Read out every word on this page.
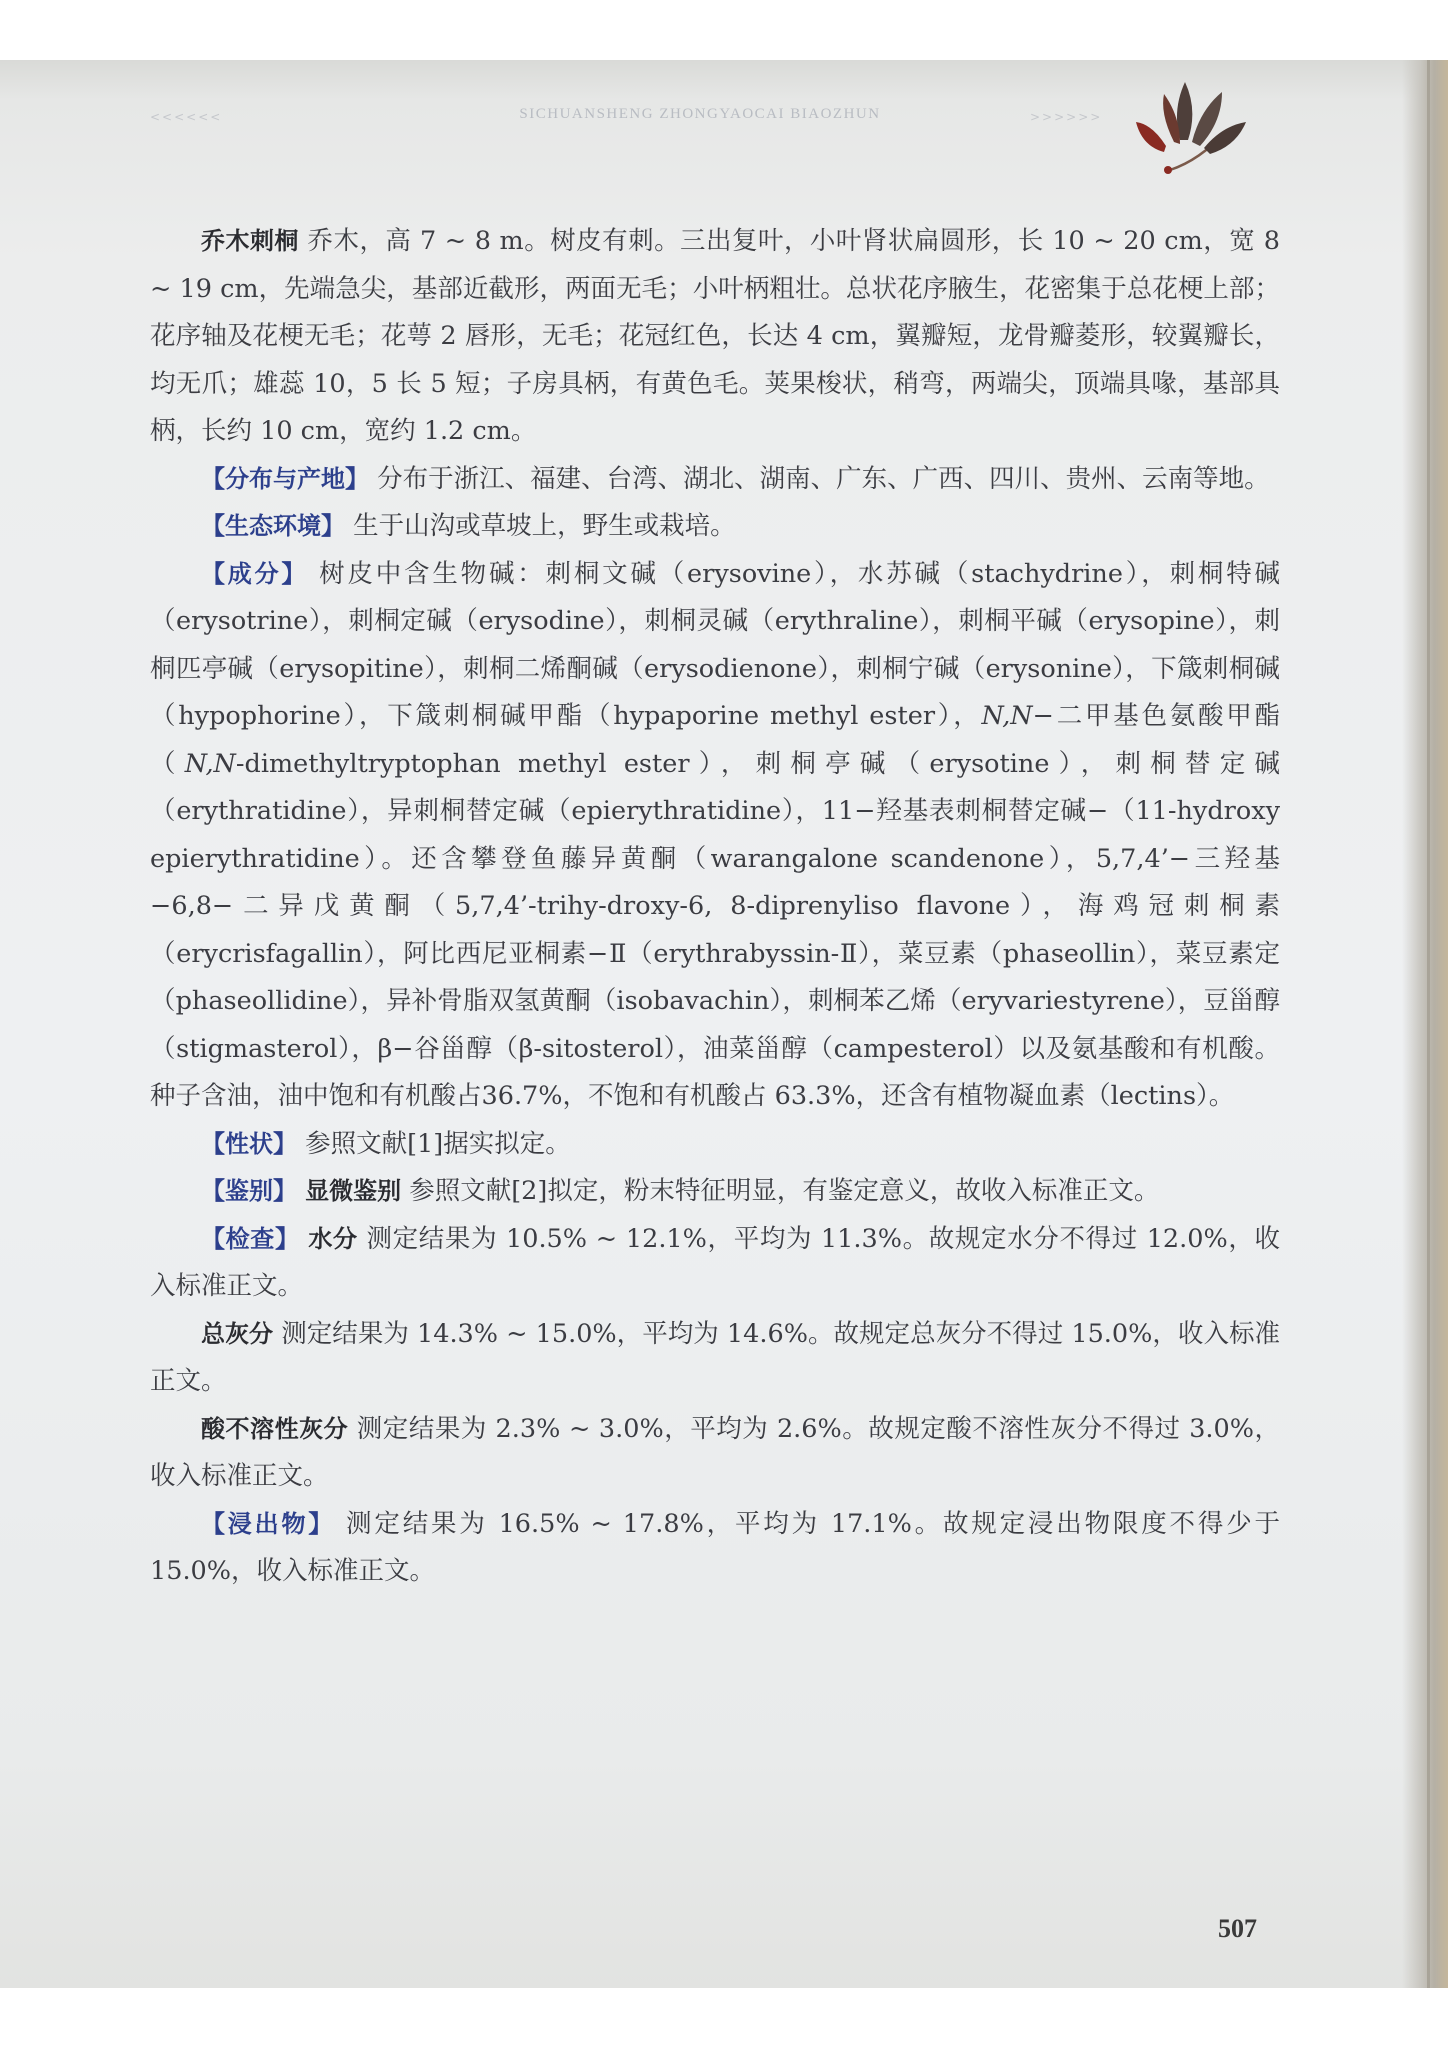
<<<<<<	SICHUANSHENG ZHONGYAOCAI BIAOZHUN	>>>>>>

乔木刺桐 乔木，高 7 ~ 8 m。树皮有刺。三出复叶，小叶肾状扁圆形，长 10 ~ 20 cm，宽 8 ~ 19 cm，先端急尖，基部近截形，两面无毛；小叶柄粗壮。总状花序腋生，花密集于总花梗上部；花序轴及花梗无毛；花萼 2 唇形，无毛；花冠红色，长达 4 cm，翼瓣短，龙骨瓣菱形，较翼瓣长，均无爪；雄蕊 10，5 长 5 短；子房具柄，有黄色毛。荚果梭状，稍弯，两端尖，顶端具喙，基部具柄，长约 10 cm，宽约 1.2 cm。

【分布与产地】 分布于浙江、福建、台湾、湖北、湖南、广东、广西、四川、贵州、云南等地。

【生态环境】 生于山沟或草坡上，野生或栽培。

【成分】 树皮中含生物碱：刺桐文碱（erysovine），水苏碱（stachydrine），刺桐特碱（erysotrine），刺桐定碱（erysodine），刺桐灵碱（erythraline），刺桐平碱（erysopine），刺桐匹亭碱（erysopitine），刺桐二烯酮碱（erysodienone），刺桐宁碱（erysonine），下箴刺桐碱（hypophorine），下箴刺桐碱甲酯（hypaporine methyl ester），N,N−二甲基色氨酸甲酯（N,N-dimethyltryptophan methyl ester），刺桐亭碱（erysotine），刺桐替定碱（erythratidine），异刺桐替定碱（epierythratidine），11−羟基表刺桐替定碱−（11-hydroxy epierythratidine）。还含攀登鱼藤异黄酮（warangalone scandenone），5,7,4’−三羟基−6,8−二异戊黄酮（5,7,4’-trihy-droxy-6, 8-diprenyliso flavone），海鸡冠刺桐素（erycrisfagallin），阿比西尼亚桐素−Ⅱ（erythrabyssin-Ⅱ），菜豆素（phaseollin），菜豆素定（phaseollidine），异补骨脂双氢黄酮（isobavachin），刺桐苯乙烯（eryvariestyrene），豆甾醇（stigmasterol），β−谷甾醇（β-sitosterol），油菜甾醇（campesterol）以及氨基酸和有机酸。种子含油，油中饱和有机酸占36.7%，不饱和有机酸占 63.3%，还含有植物凝血素（lectins）。

【性状】 参照文献[1]据实拟定。

【鉴别】 显微鉴别 参照文献[2]拟定，粉末特征明显，有鉴定意义，故收入标准正文。

【检查】 水分 测定结果为 10.5% ~ 12.1%，平均为 11.3%。故规定水分不得过 12.0%，收入标准正文。

总灰分 测定结果为 14.3% ~ 15.0%，平均为 14.6%。故规定总灰分不得过 15.0%，收入标准正文。

酸不溶性灰分 测定结果为 2.3% ~ 3.0%，平均为 2.6%。故规定酸不溶性灰分不得过 3.0%，收入标准正文。

【浸出物】 测定结果为 16.5% ~ 17.8%，平均为 17.1%。故规定浸出物限度不得少于 15.0%，收入标准正文。

507
